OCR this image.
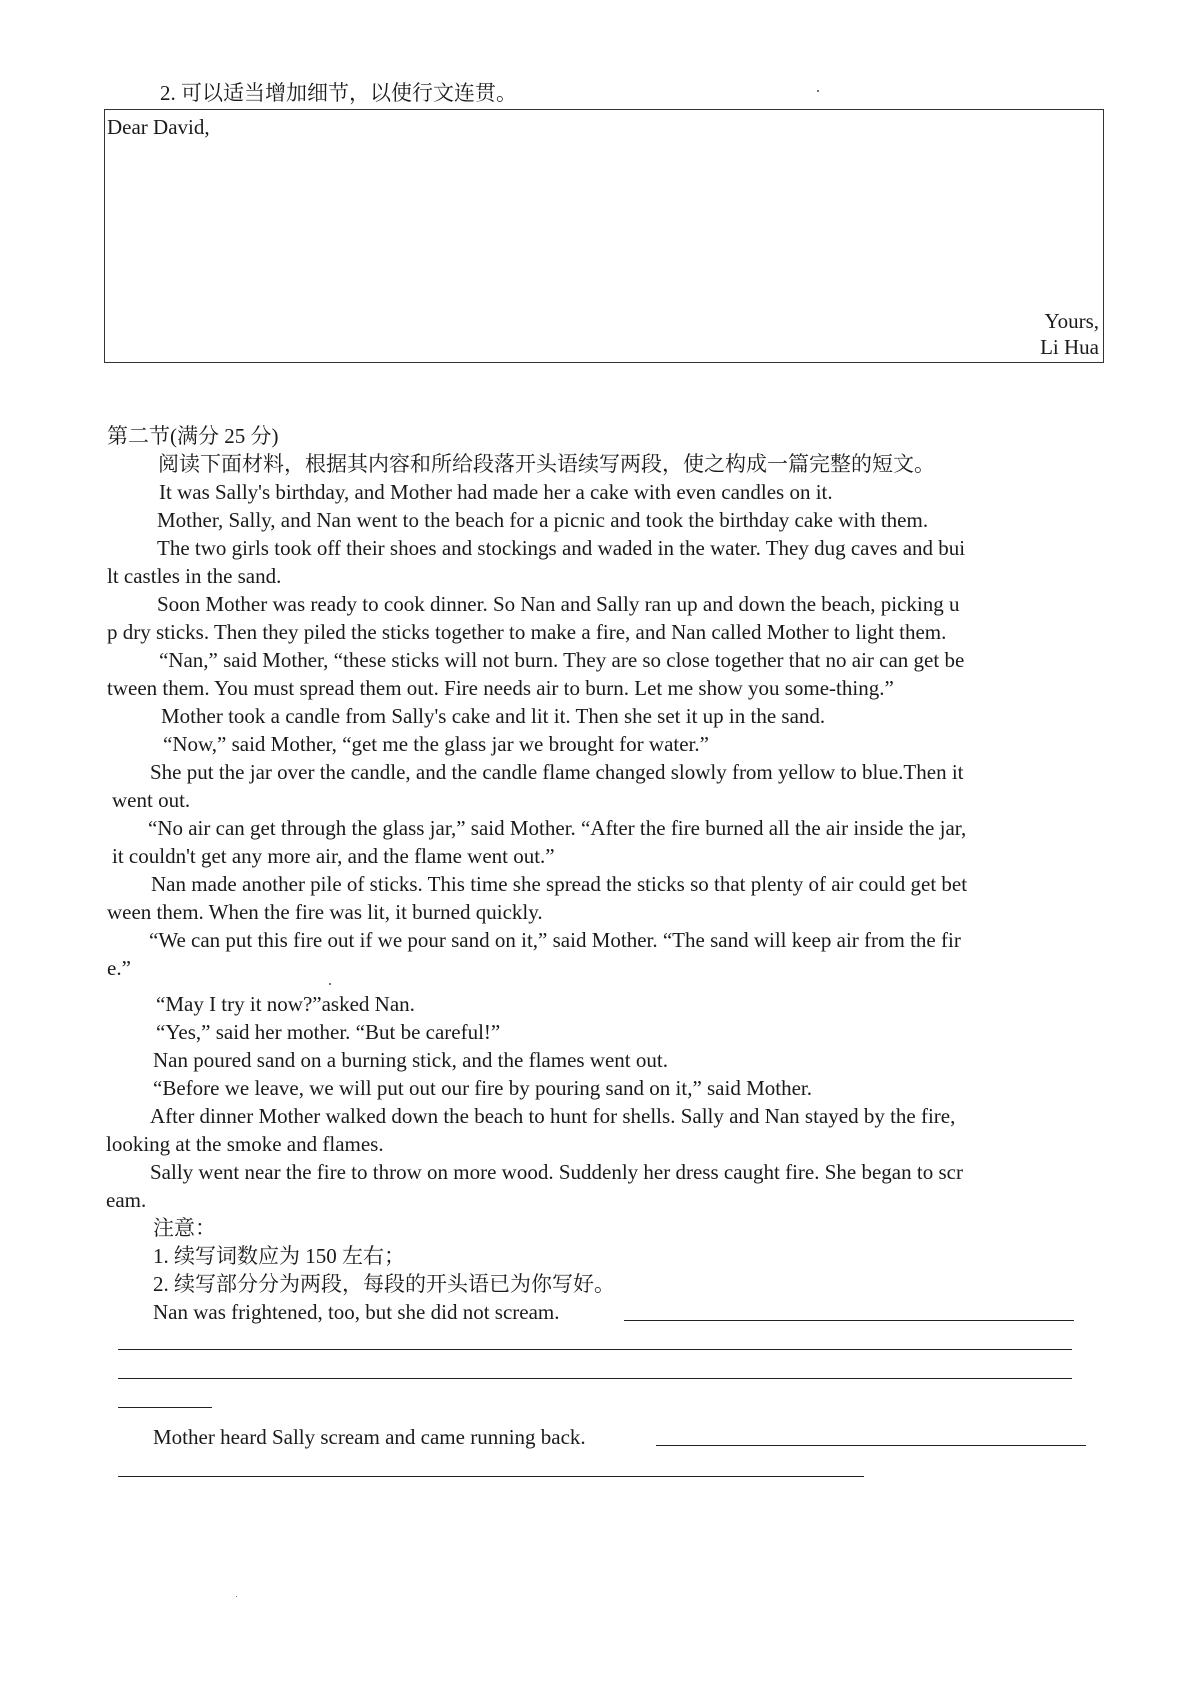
2. 可以适当增加细节，以使行文连贯。
Dear David,
Yours,
Li Hua
第二节(满分 25 分)
阅读下面材料，根据其内容和所给段落开头语续写两段，使之构成一篇完整的短文。
It was Sally's birthday, and Mother had made her a cake with even candles on it.
Mother, Sally, and Nan went to the beach for a picnic and took the birthday cake with them.
The two girls took off their shoes and stockings and waded in the water. They dug caves and bui
lt castles in the sand.
Soon Mother was ready to cook dinner. So Nan and Sally ran up and down the beach, picking u
p dry sticks. Then they piled the sticks together to make a fire, and Nan called Mother to light them.
“Nan,” said Mother, “these sticks will not burn. They are so close together that no air can get be
tween them. You must spread them out. Fire needs air to burn. Let me show you some-thing.”
Mother took a candle from Sally's cake and lit it. Then she set it up in the sand.
“Now,” said Mother, “get me the glass jar we brought for water.”
She put the jar over the candle, and the candle flame changed slowly from yellow to blue.Then it
went out.
“No air can get through the glass jar,” said Mother. “After the fire burned all the air inside the jar,
it couldn't get any more air, and the flame went out.”
Nan made another pile of sticks. This time she spread the sticks so that plenty of air could get bet
ween them. When the fire was lit, it burned quickly.
“We can put this fire out if we pour sand on it,” said Mother. “The sand will keep air from the fir
e.”
“May I try it now?”asked Nan.
“Yes,” said her mother. “But be careful!”
Nan poured sand on a burning stick, and the flames went out.
“Before we leave, we will put out our fire by pouring sand on it,” said Mother.
After dinner Mother walked down the beach to hunt for shells. Sally and Nan stayed by the fire,
looking at the smoke and flames.
Sally went near the fire to throw on more wood. Suddenly her dress caught fire. She began to scr
eam.
注意：
1. 续写词数应为 150 左右；
2. 续写部分分为两段，每段的开头语已为你写好。
Nan was frightened, too, but she did not scream.
Mother heard Sally scream and came running back.
